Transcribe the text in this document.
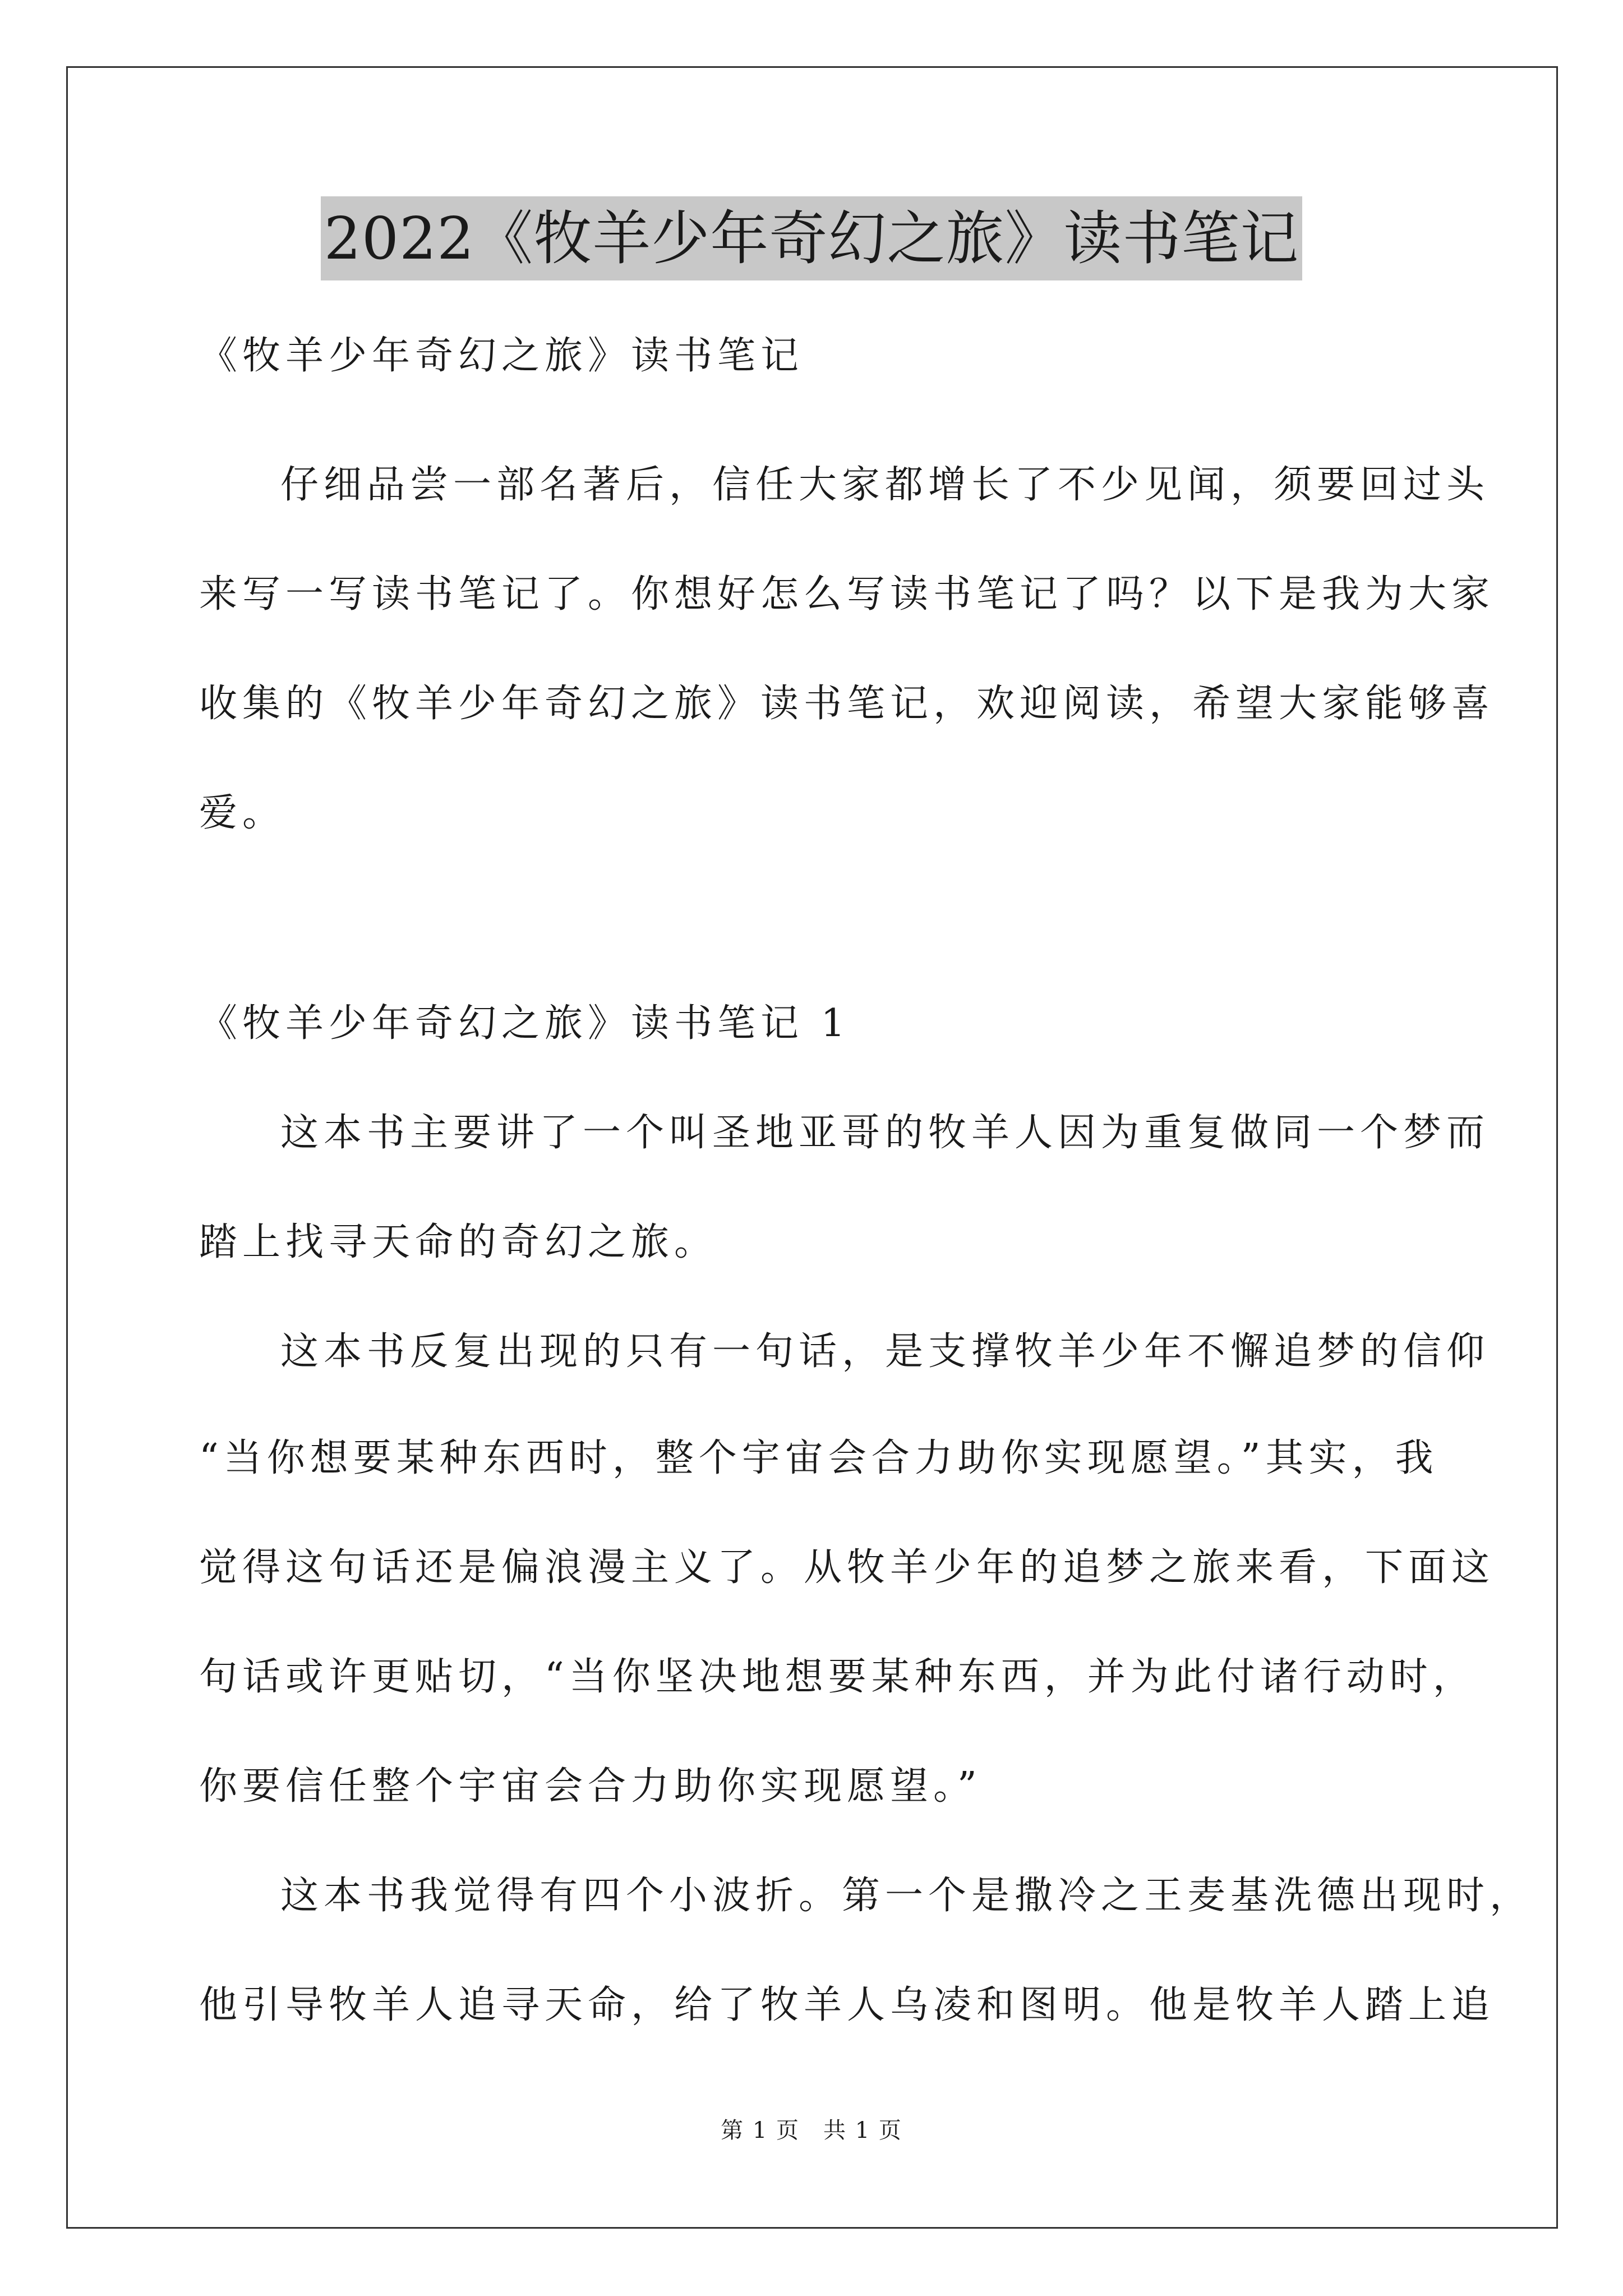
2022《牧羊少年奇幻之旅》读书笔记
《牧羊少年奇幻之旅》读书笔记
仔细品尝一部名著后，信任大家都增长了不少见闻，须要回过头
来写一写读书笔记了。你想好怎么写读书笔记了吗？以下是我为大家
收集的《牧羊少年奇幻之旅》读书笔记，欢迎阅读，希望大家能够喜
爱。
《牧羊少年奇幻之旅》读书笔记 1
这本书主要讲了一个叫圣地亚哥的牧羊人因为重复做同一个梦而
踏上找寻天命的奇幻之旅。
这本书反复出现的只有一句话，是支撑牧羊少年不懈追梦的信仰
“当你想要某种东西时，整个宇宙会合力助你实现愿望。”其实，我
觉得这句话还是偏浪漫主义了。从牧羊少年的追梦之旅来看，下面这
句话或许更贴切，“当你坚决地想要某种东西，并为此付诸行动时，
你要信任整个宇宙会合力助你实现愿望。”
这本书我觉得有四个小波折。第一个是撒冷之王麦基洗德出现时，
他引导牧羊人追寻天命，给了牧羊人乌凌和图明。他是牧羊人踏上追
第 1 页　共 1 页
